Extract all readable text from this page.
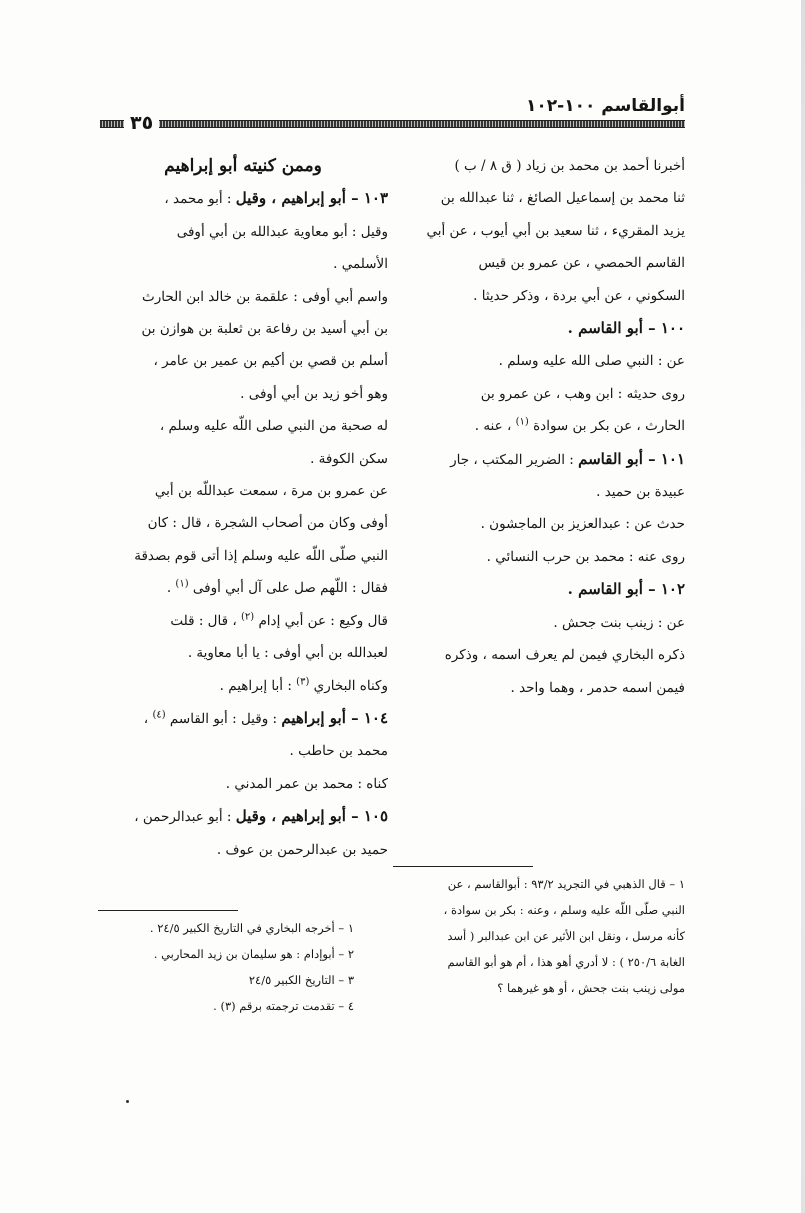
أبوالقاسم ١٠٠-١٠٢
٣٥
أخبرنا أحمد بن محمد بن زياد ( ق ٨ / ب )
ثنا محمد بن إسماعيل الصائغ ، ثنا عبدالله بن
يزيد المقريء ، ثنا سعيد بن أبي أيوب ، عن أبي
القاسم الحمصي ، عن عمرو بن قيس
السكوني ، عن أبي بردة ، وذكر حديثا .
١٠٠ – أبو القاسم .
عن : النبي صلى الله عليه وسلم .
روى حديثه : ابن وهب ، عن عمرو بن
الحارث ، عن بكر بن سوادة $^{(١)}$ ، عنه .
١٠١ – أبو القاسم : الضرير المكتب ، جار
عبيدة بن حميد .
حدث عن : عبدالعزيز بن الماجشون .
روى عنه : محمد بن حرب النسائي .
١٠٢ – أبو القاسم .
عن : زينب بنت جحش .
ذكره البخاري فيمن لم يعرف اسمه ، وذكره
فيمن اسمه حدمر ، وهما واحد .
وممن كنيته أبو إبراهيم
١٠٣ – أبو إبراهيم ، وقيل : أبو محمد ،
وقيل : أبو معاوية عبدالله بن أبي أوفى
الأسلمي .
واسم أبي أوفى : علقمة بن خالد ابن الحارث
بن أبي أسيد بن رفاعة بن ثعلبة بن هوازن بن
أسلم بن قصي بن أكيم بن عمير بن عامر ،
وهو أخو زيد بن أبي أوفى .
له صحبة من النبي صلى اللّه عليه وسلم ،
سكن الكوفة .
عن عمرو بن مرة ، سمعت عبداللّه بن أبي
أوفى وكان من أصحاب الشجرة ، قال : كان
النبي صلّى اللّه عليه وسلم إذا أتى قوم بصدقة
فقال : اللّهم صل على آل أبي أوفى $^{(١)}$ .
قال وكيع : عن أبي إدام $^{(٢)}$ ، قال : قلت
لعبدالله بن أبي أوفى : يا أبا معاوية .
وكناه البخاري $^{(٣)}$ : أبا إبراهيم .
١٠٤ – أبو إبراهيم : وقيل : أبو القاسم $^{(٤)}$ ،
محمد بن حاطب .
كناه : محمد بن عمر المدني .
١٠٥ – أبو إبراهيم ، وقيل : أبو عبدالرحمن ،
حميد بن عبدالرحمن بن عوف .
١ – قال الذهبي في التجريد ٩٣/٢ : أبوالقاسم ، عن
النبي صلّى اللّه عليه وسلم ، وعنه : بكر بن سوادة ،
كأنه مرسل ، ونقل ابن الأثير عن ابن عبدالبر ( أسد
الغابة ٢٥٠/٦ ) : لا أدري أهو هذا ، أم هو أبو القاسم
مولى زينب بنت جحش ، أو هو غيرهما ؟
١ – أخرجه البخاري في التاريخ الكبير ٢٤/٥ .
٢ – أبوإدام : هو سليمان بن زيد المحاربي .
٣ – التاريخ الكبير ٢٤/٥
٤ – تقدمت ترجمته برقم (٣) .
